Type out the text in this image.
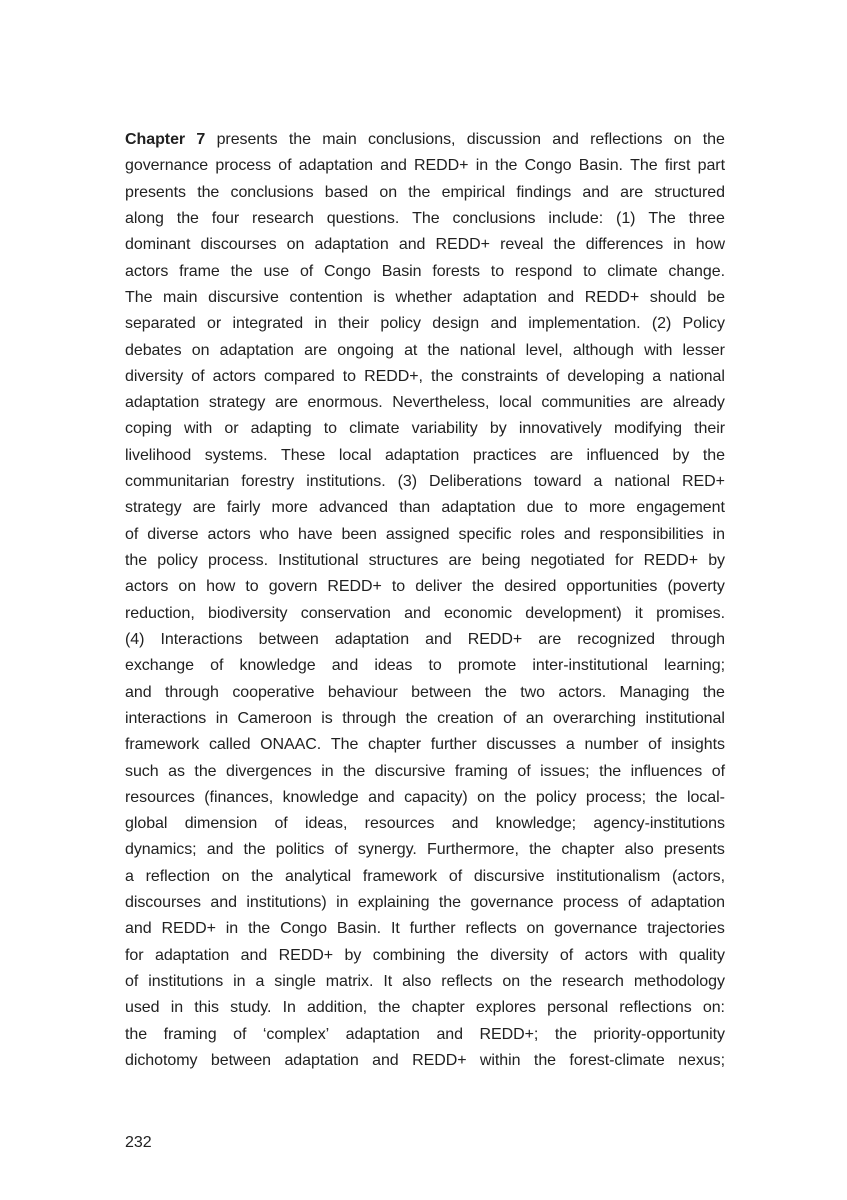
Chapter 7 presents the main conclusions, discussion and reflections on the
governance process of adaptation and REDD+ in the Congo Basin. The first part
presents the conclusions based on the empirical findings and are structured
along the four research questions. The conclusions include: (1) The three
dominant discourses on adaptation and REDD+ reveal the differences in how
actors frame the use of Congo Basin forests to respond to climate change.
The main discursive contention is whether adaptation and REDD+ should be
separated or integrated in their policy design and implementation. (2) Policy
debates on adaptation are ongoing at the national level, although with lesser
diversity of actors compared to REDD+, the constraints of developing a national
adaptation strategy are enormous. Nevertheless, local communities are already
coping with or adapting to climate variability by innovatively modifying their
livelihood systems. These local adaptation practices are influenced by the
communitarian forestry institutions. (3) Deliberations toward a national RED+
strategy are fairly more advanced than adaptation due to more engagement
of diverse actors who have been assigned specific roles and responsibilities in
the policy process. Institutional structures are being negotiated for REDD+ by
actors on how to govern REDD+ to deliver the desired opportunities (poverty
reduction, biodiversity conservation and economic development) it promises.
(4) Interactions between adaptation and REDD+ are recognized through
exchange of knowledge and ideas to promote inter-institutional learning;
and through cooperative behaviour between the two actors. Managing the
interactions in Cameroon is through the creation of an overarching institutional
framework called ONAAC. The chapter further discusses a number of insights
such as the divergences in the discursive framing of issues; the influences of
resources (finances, knowledge and capacity) on the policy process; the local-
global dimension of ideas, resources and knowledge; agency-institutions
dynamics; and the politics of synergy. Furthermore, the chapter also presents
a reflection on the analytical framework of discursive institutionalism (actors,
discourses and institutions) in explaining the governance process of adaptation
and REDD+ in the Congo Basin. It further reflects on governance trajectories
for adaptation and REDD+ by combining the diversity of actors with quality
of institutions in a single matrix. It also reflects on the research methodology
used in this study. In addition, the chapter explores personal reflections on:
the framing of ‘complex’ adaptation and REDD+; the priority-opportunity
dichotomy between adaptation and REDD+ within the forest-climate nexus;
232
